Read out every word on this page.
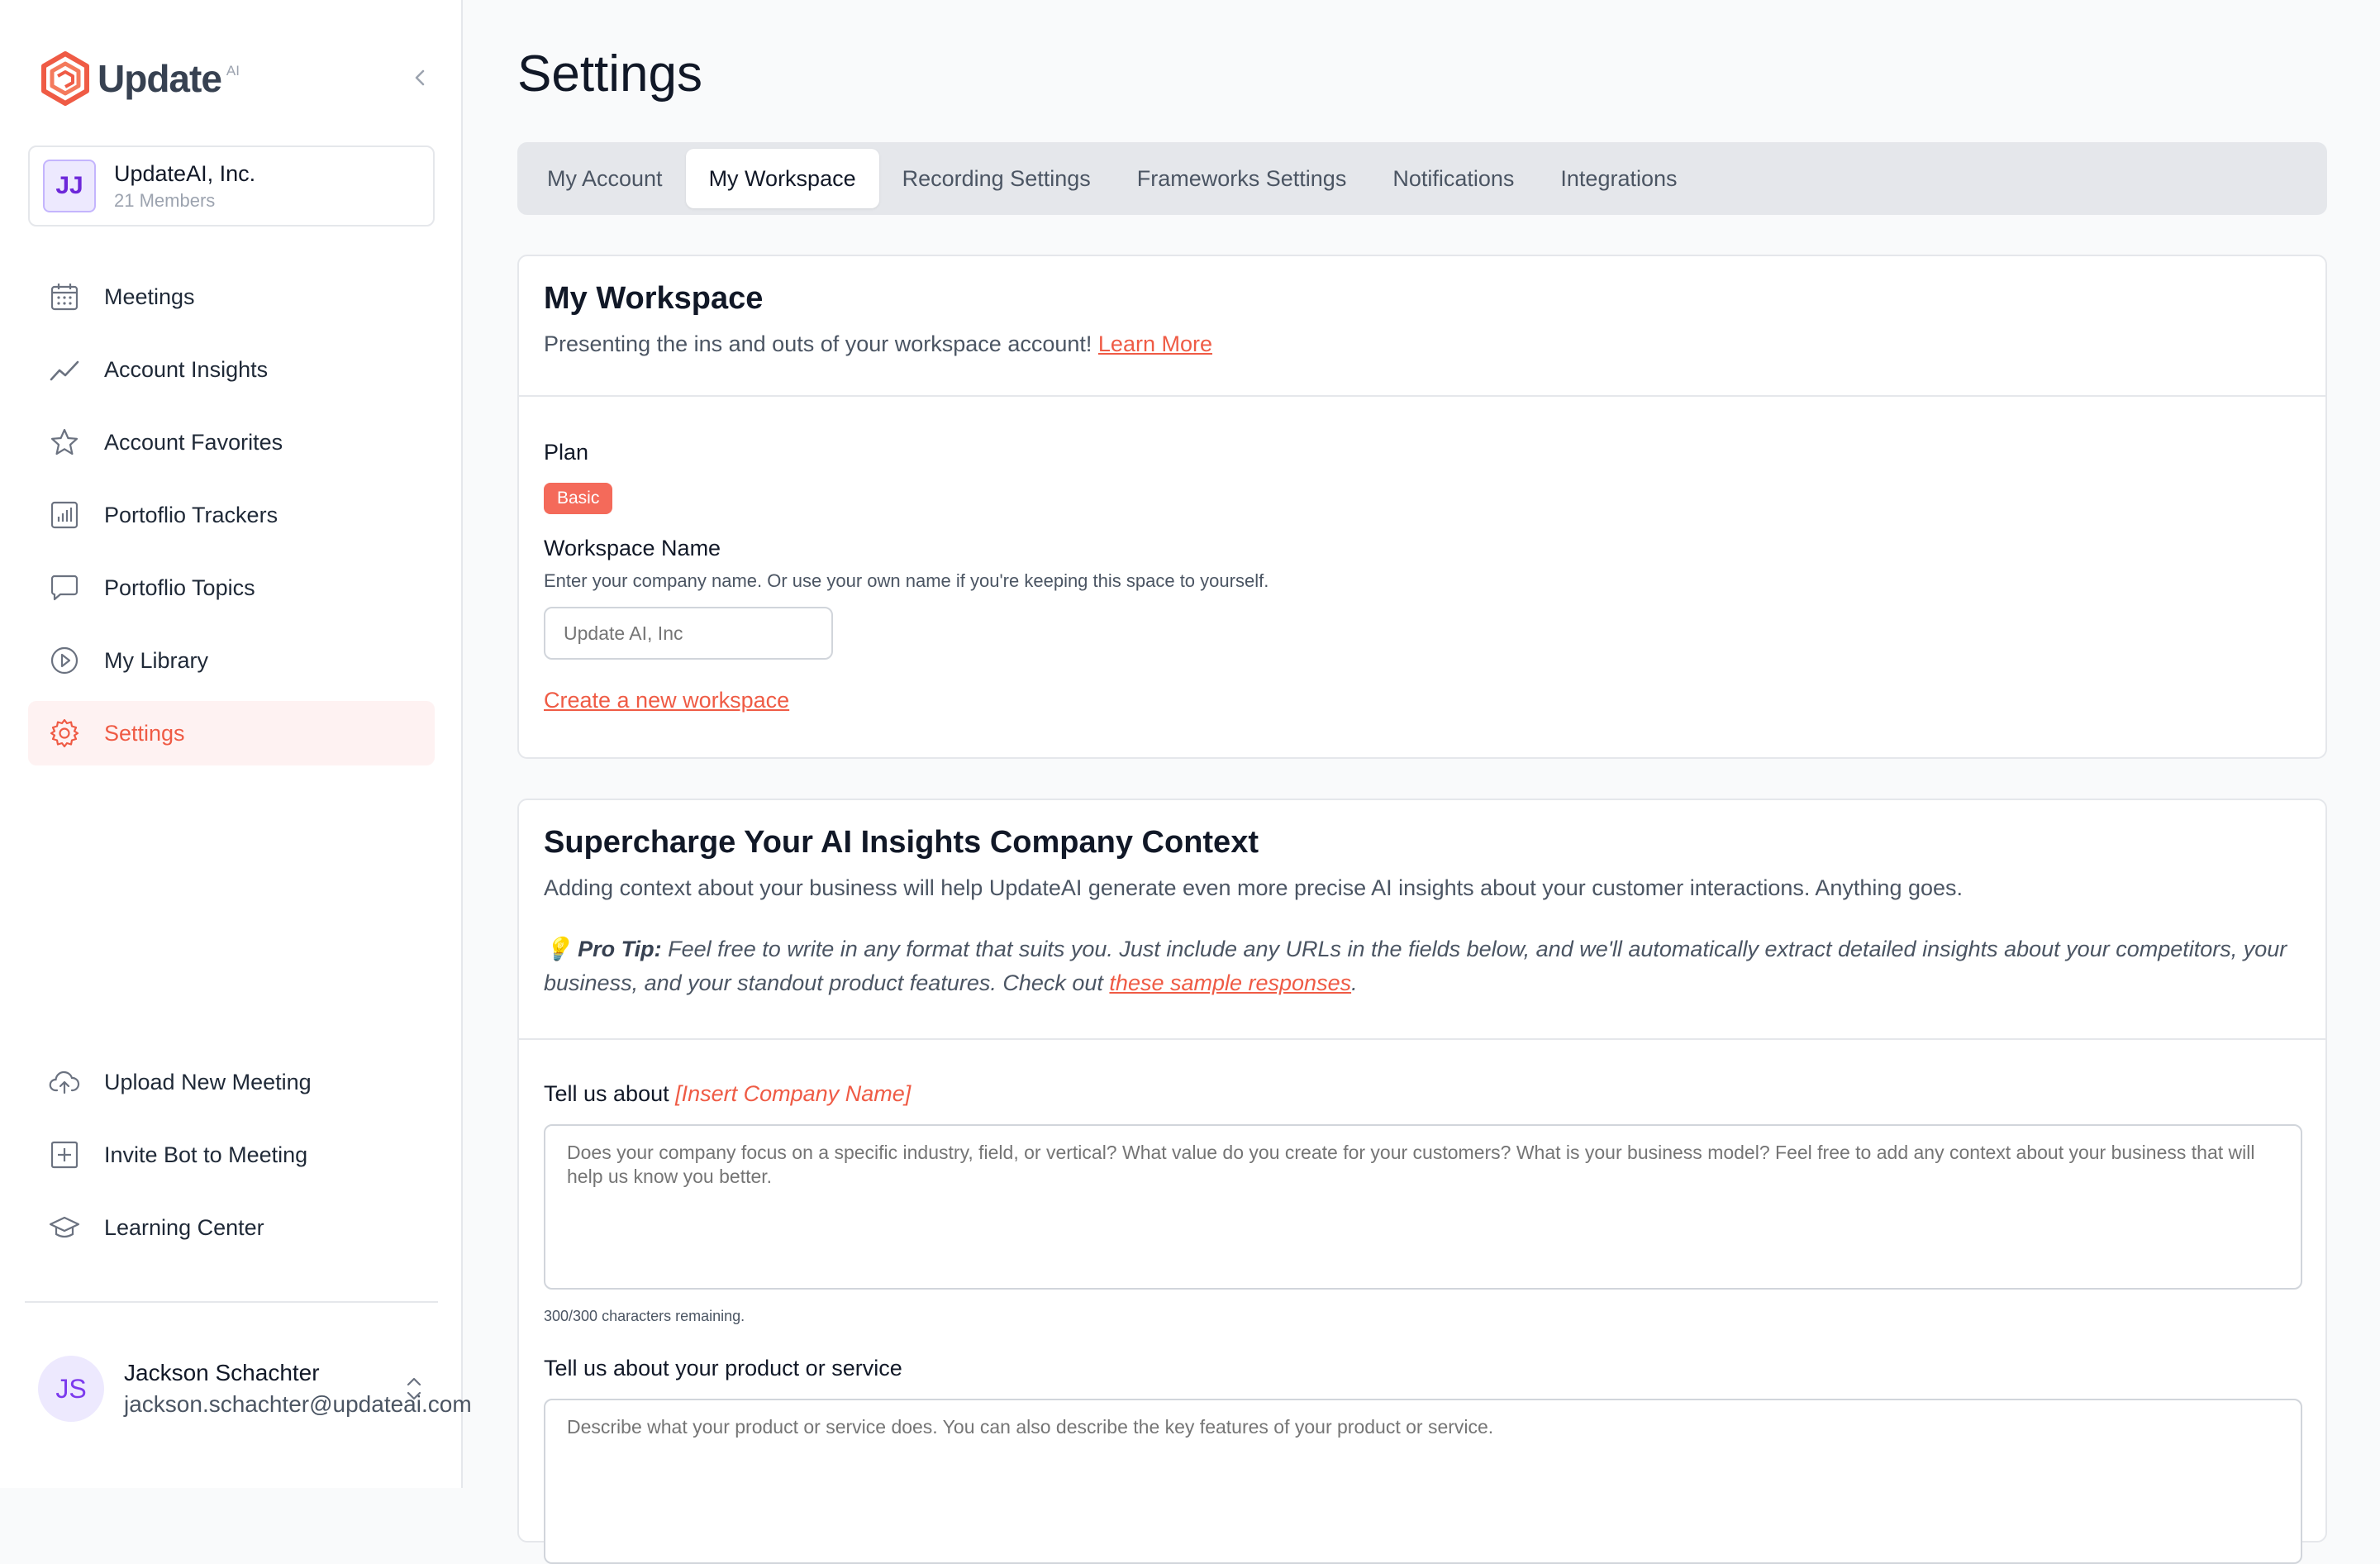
Update AI
JJ	UpdateAI, Inc.
21 Members
Meetings
Account Insights
Account Favorites
Portoflio Trackers
Portoflio Topics
My Library
Settings
Upload New Meeting
Invite Bot to Meeting
Learning Center
JS
Jackson Schachter
jackson.schachter@updateai.com
Settings
My Account	My Workspace	Recording Settings	Frameworks Settings	Notifications	Integrations
My Workspace

Presenting the ins and outs of your workspace account! Learn More

Plan
Basic
Workspace Name
Enter your company name. Or use your own name if you're keeping this space to yourself.
Update AI, Inc
Create a new workspace
Supercharge Your AI Insights Company Context

Adding context about your business will help UpdateAI generate even more precise AI insights about your customer interactions. Anything goes.

💡 Pro Tip: Feel free to write in any format that suits you. Just include any URLs in the fields below, and we'll automatically extract detailed insights about your competitors, your business, and your standout product features. Check out these sample responses.

Tell us about [Insert Company Name]
Does your company focus on a specific industry, field, or vertical? What value do you create for your customers? What is your business model? Feel free to add any context about your business that will help us know you better.
300/300 characters remaining.
Tell us about your product or service
Describe what your product or service does. You can also describe the key features of your product or service.
